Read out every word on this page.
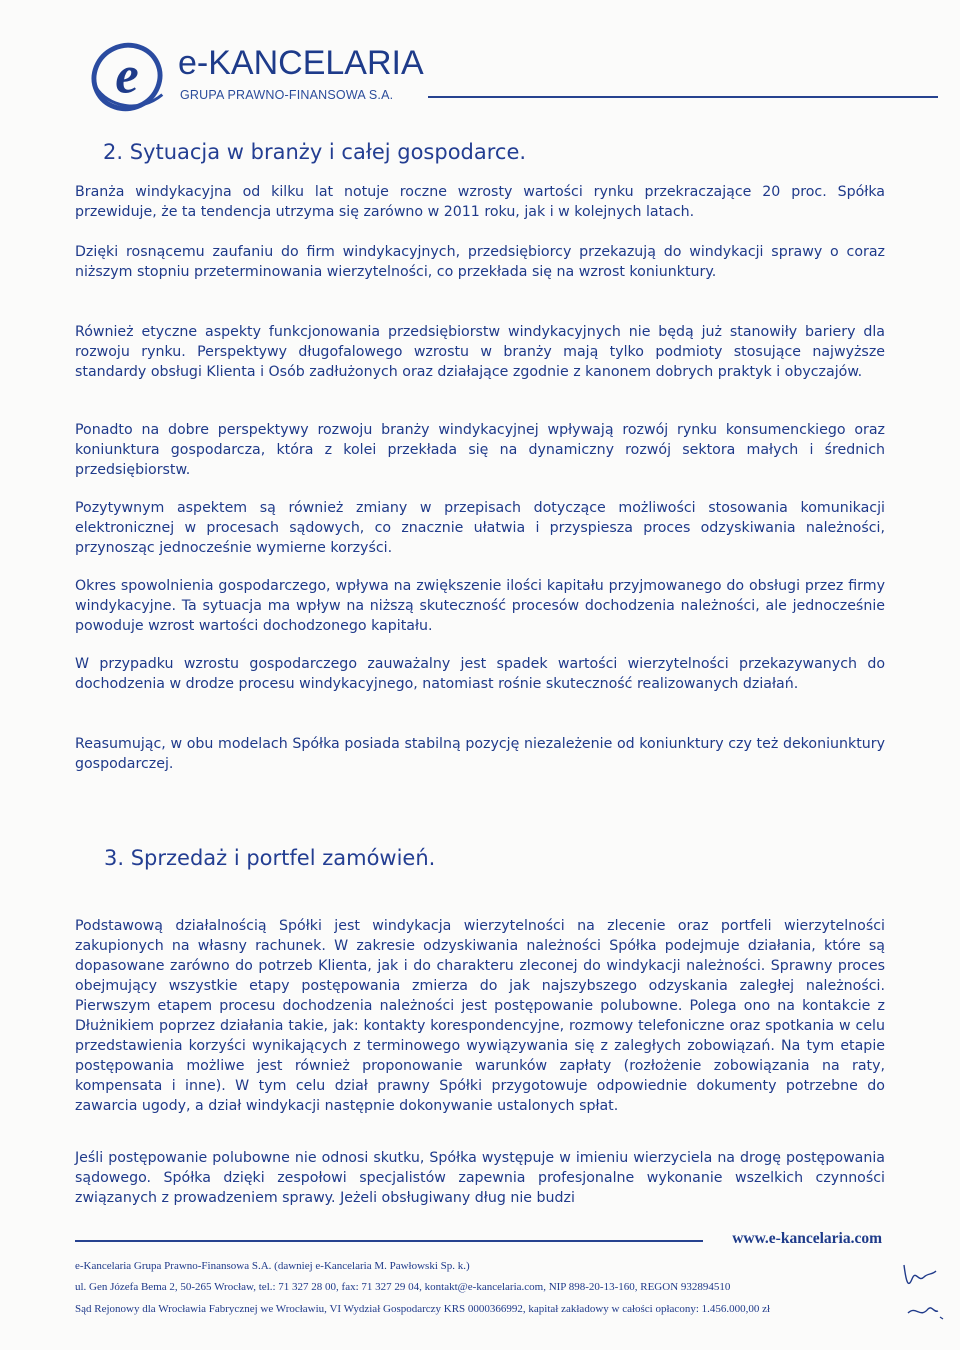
e e-KANCELARIA
GRUPA PRAWNO-FINANSOWA S.A.
2. Sytuacja w branży i całej gospodarce.

Branża windykacyjna od kilku lat notuje roczne wzrosty wartości rynku przekraczające 20 proc. Spółka przewiduje, że ta tendencja utrzyma się zarówno w 2011 roku, jak i w kolejnych latach.

Dzięki rosnącemu zaufaniu do firm windykacyjnych, przedsiębiorcy przekazują do windykacji sprawy o coraz niższym stopniu przeterminowania wierzytelności, co przekłada się na wzrost koniunktury.

Również etyczne aspekty funkcjonowania przedsiębiorstw windykacyjnych nie będą już stanowiły bariery dla rozwoju rynku. Perspektywy długofalowego wzrostu w branży mają tylko podmioty stosujące najwyższe standardy obsługi Klienta i Osób zadłużonych oraz działające zgodnie z kanonem dobrych praktyk i obyczajów.

Ponadto na dobre perspektywy rozwoju branży windykacyjnej wpływają rozwój rynku konsumenckiego oraz koniunktura gospodarcza, która z kolei przekłada się na dynamiczny rozwój sektora małych i średnich przedsiębiorstw.

Pozytywnym aspektem są również zmiany w przepisach dotyczące możliwości stosowania komunikacji elektronicznej w procesach sądowych, co znacznie ułatwia i przyspiesza proces odzyskiwania należności, przynosząc jednocześnie wymierne korzyści.

Okres spowolnienia gospodarczego, wpływa na zwiększenie ilości kapitału przyjmowanego do obsługi przez firmy windykacyjne. Ta sytuacja ma wpływ na niższą skuteczność procesów dochodzenia należności, ale jednocześnie powoduje wzrost wartości dochodzonego kapitału.

W przypadku wzrostu gospodarczego zauważalny jest spadek wartości wierzytelności przekazywanych do dochodzenia w drodze procesu windykacyjnego, natomiast rośnie skuteczność realizowanych działań.

Reasumując, w obu modelach Spółka posiada stabilną pozycję niezależenie od koniunktury czy też dekoniunktury gospodarczej.

3. Sprzedaż i portfel zamówień.

Podstawową działalnością Spółki jest windykacja wierzytelności na zlecenie oraz portfeli wierzytelności zakupionych na własny rachunek. W zakresie odzyskiwania należności Spółka podejmuje działania, które są dopasowane zarówno do potrzeb Klienta, jak i do charakteru zleconej do windykacji należności. Sprawny proces obejmujący wszystkie etapy postępowania zmierza do jak najszybszego odzyskania zaległej należności. Pierwszym etapem procesu dochodzenia należności jest postępowanie polubowne. Polega ono na kontakcie z Dłużnikiem poprzez działania takie, jak: kontakty korespondencyjne, rozmowy telefoniczne oraz spotkania w celu przedstawienia korzyści wynikających z terminowego wywiązywania się z zaległych zobowiązań. Na tym etapie postępowania możliwe jest również proponowanie warunków zapłaty (rozłożenie zobowiązania na raty, kompensata i inne). W tym celu dział prawny Spółki przygotowuje odpowiednie dokumenty potrzebne do zawarcia ugody, a dział windykacji następnie dokonywanie ustalonych spłat.

Jeśli postępowanie polubowne nie odnosi skutku, Spółka występuje w imieniu wierzyciela na drogę postępowania sądowego. Spółka dzięki zespołowi specjalistów zapewnia profesjonalne wykonanie wszelkich czynności związanych z prowadzeniem sprawy. Jeżeli obsługiwany dług nie budzi

www.e-kancelaria.com
e-Kancelaria Grupa Prawno-Finansowa S.A. (dawniej e-Kancelaria M. Pawłowski Sp. k.)
ul. Gen Józefa Bema 2, 50-265 Wrocław, tel.: 71 327 28 00, fax: 71 327 29 04, kontakt@e-kancelaria.com, NIP 898-20-13-160, REGON 932894510
Sąd Rejonowy dla Wrocławia Fabrycznej we Wrocławiu, VI Wydział Gospodarczy KRS 0000366992, kapitał zakładowy w całości opłacony: 1.456.000,00 zł
